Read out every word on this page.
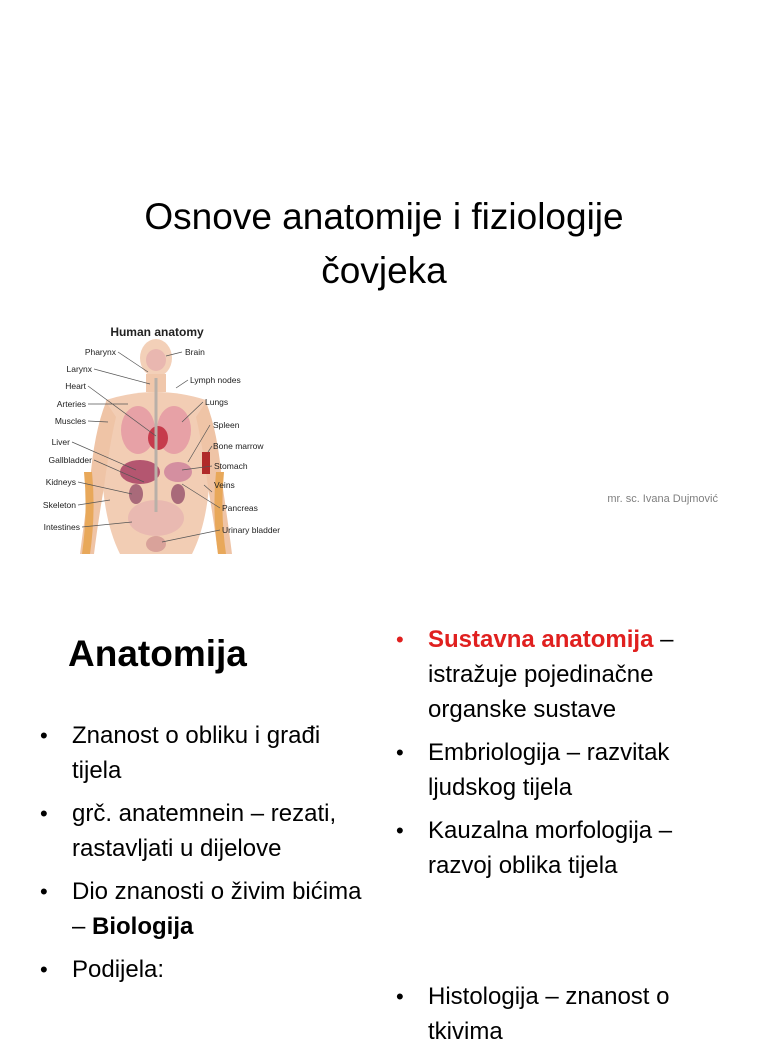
Osnove anatomije i fiziologije
čovjeka
Human anatomy
Pharynx
Larynx
Heart
Arteries
Muscles
Liver
Gallbladder
Kidneys
Skeleton
Intestines
Brain
Lymph nodes
Lungs
Spleen
Bone marrow
Stomach
Veins
Pancreas
Urinary bladder
mr. sc. Ivana Dujmović
Anatomija
• Znanost o obliku i građi tijela
• grč. anatemnein – rezati, rastavljati u dijelove
• Dio znanosti o živim bićima – Biologija
• Podijela:
• Sustavna anatomija – istražuje pojedinačne organske sustave
• Embriologija – razvitak ljudskog tijela
• Kauzalna morfologija – razvoj oblika tijela
• Histologija – znanost o tkivima
